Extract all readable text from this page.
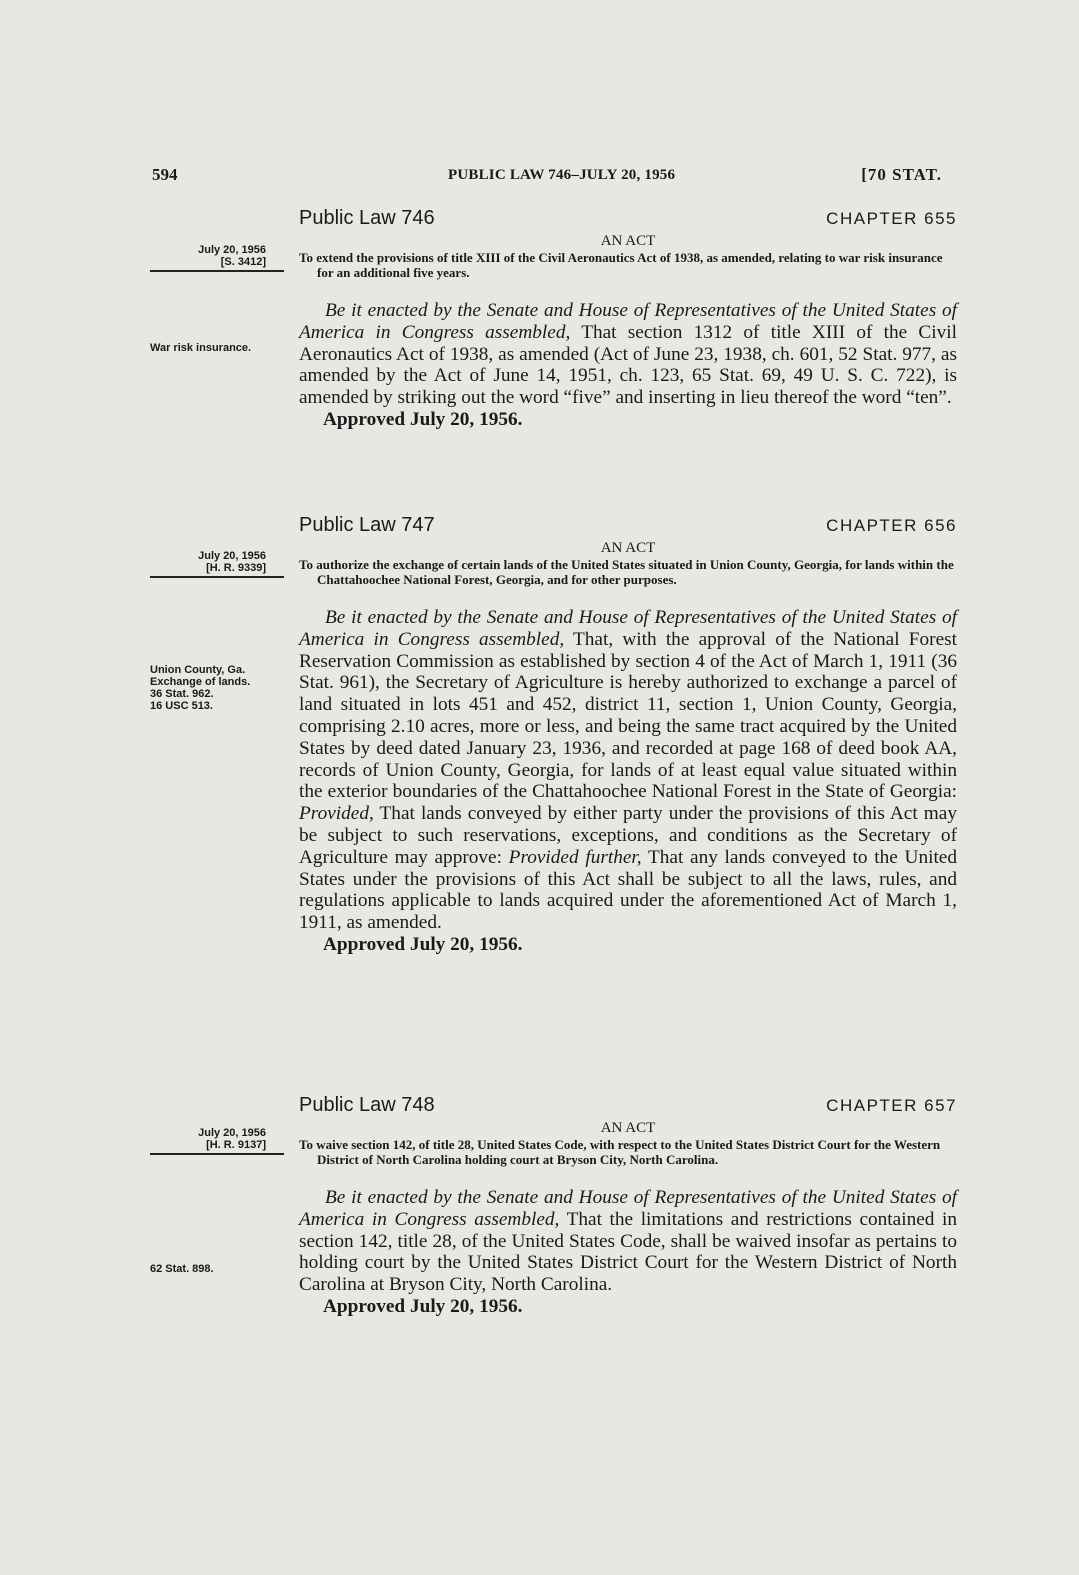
594	PUBLIC LAW 746–JULY 20, 1956	[70 STAT.
July 20, 1956
[S. 3412]
War risk insurance.
Public Law 746	CHAPTER 655
AN ACT
To extend the provisions of title XIII of the Civil Aeronautics Act of 1938, as amended, relating to war risk insurance for an additional five years.

Be it enacted by the Senate and House of Representatives of the United States of America in Congress assembled, That section 1312 of title XIII of the Civil Aeronautics Act of 1938, as amended (Act of June 23, 1938, ch. 601, 52 Stat. 977, as amended by the Act of June 14, 1951, ch. 123, 65 Stat. 69, 49 U. S. C. 722), is amended by striking out the word “five” and inserting in lieu thereof the word “ten”.

Approved July 20, 1956.
July 20, 1956
[H. R. 9339]
Union County, Ga.
Exchange of lands.
36 Stat. 962.
16 USC 513.
Public Law 747	CHAPTER 656
AN ACT
To authorize the exchange of certain lands of the United States situated in Union County, Georgia, for lands within the Chattahoochee National Forest, Georgia, and for other purposes.

Be it enacted by the Senate and House of Representatives of the United States of America in Congress assembled, That, with the approval of the National Forest Reservation Commission as established by section 4 of the Act of March 1, 1911 (36 Stat. 961), the Secretary of Agriculture is hereby authorized to exchange a parcel of land situated in lots 451 and 452, district 11, section 1, Union County, Georgia, comprising 2.10 acres, more or less, and being the same tract acquired by the United States by deed dated January 23, 1936, and recorded at page 168 of deed book AA, records of Union County, Georgia, for lands of at least equal value situated within the exterior boundaries of the Chattahoochee National Forest in the State of Georgia: Provided, That lands conveyed by either party under the provisions of this Act may be subject to such reservations, exceptions, and conditions as the Secretary of Agriculture may approve: Provided further, That any lands conveyed to the United States under the provisions of this Act shall be subject to all the laws, rules, and regulations applicable to lands acquired under the aforementioned Act of March 1, 1911, as amended.

Approved July 20, 1956.
July 20, 1956
[H. R. 9137]
62 Stat. 898.
Public Law 748	CHAPTER 657
AN ACT
To waive section 142, of title 28, United States Code, with respect to the United States District Court for the Western District of North Carolina holding court at Bryson City, North Carolina.

Be it enacted by the Senate and House of Representatives of the United States of America in Congress assembled, That the limitations and restrictions contained in section 142, title 28, of the United States Code, shall be waived insofar as pertains to holding court by the United States District Court for the Western District of North Carolina at Bryson City, North Carolina.

Approved July 20, 1956.
